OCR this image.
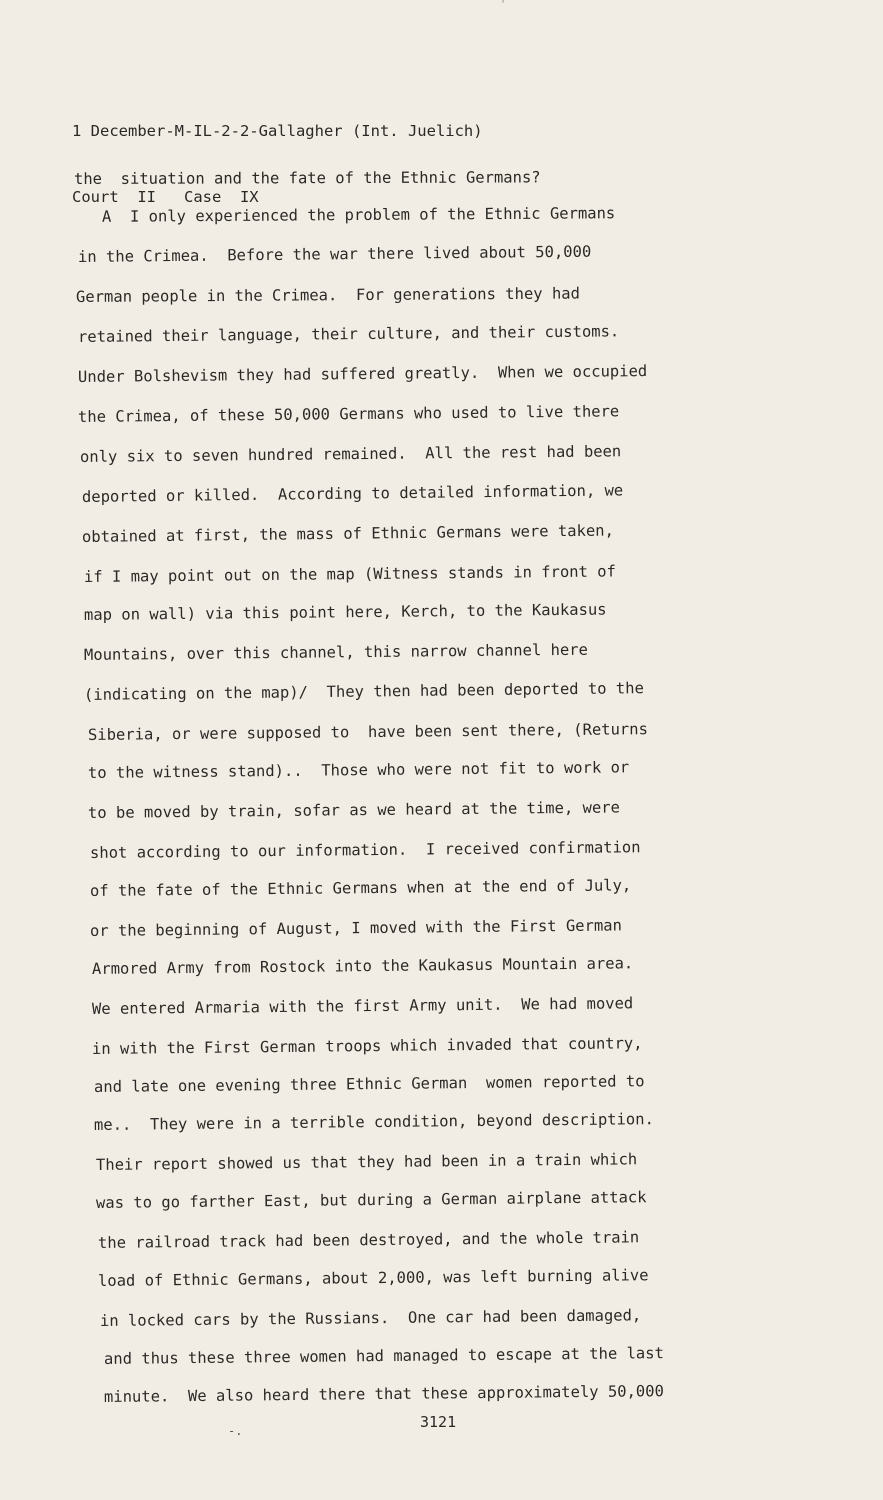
'

1 December-M-IL-2-2-Gallagher (Int. Juelich)

Court  II   Case  IX

the  situation and the fate of the Ethnic Germans?
A  I only experienced the problem of the Ethnic Germans
in the Crimea.  Before the war there lived about 50,000
German people in the Crimea.  For generations they had
retained their language, their culture, and their customs.
Under Bolshevism they had suffered greatly.  When we occupied
the Crimea, of these 50,000 Germans who used to live there
only six to seven hundred remained.  All the rest had been
deported or killed.  According to detailed information, we
obtained at first, the mass of Ethnic Germans were taken,
if I may point out on the map (Witness stands in front of
map on wall) via this point here, Kerch, to the Kaukasus
Mountains, over this channel, this narrow channel here
(indicating on the map)/  They then had been deported to the
Siberia, or were supposed to  have been sent there, (Returns
to the witness stand)..  Those who were not fit to work or
to be moved by train, sofar as we heard at the time, were
shot according to our information.  I received confirmation
of the fate of the Ethnic Germans when at the end of July,
or the beginning of August, I moved with the First German
Armored Army from Rostock into the Kaukasus Mountain area.
We entered Armaria with the first Army unit.  We had moved
in with the First German troops which invaded that country,
and late one evening three Ethnic German  women reported to
me..  They were in a terrible condition, beyond description.
Their report showed us that they had been in a train which
was to go farther East, but during a German airplane attack
the railroad track had been destroyed, and the whole train
load of Ethnic Germans, about 2,000, was left burning alive
in locked cars by the Russians.  One car had been damaged,
and thus these three women had managed to escape at the last
minute.  We also heard there that these approximately 50,000
3121
-.
